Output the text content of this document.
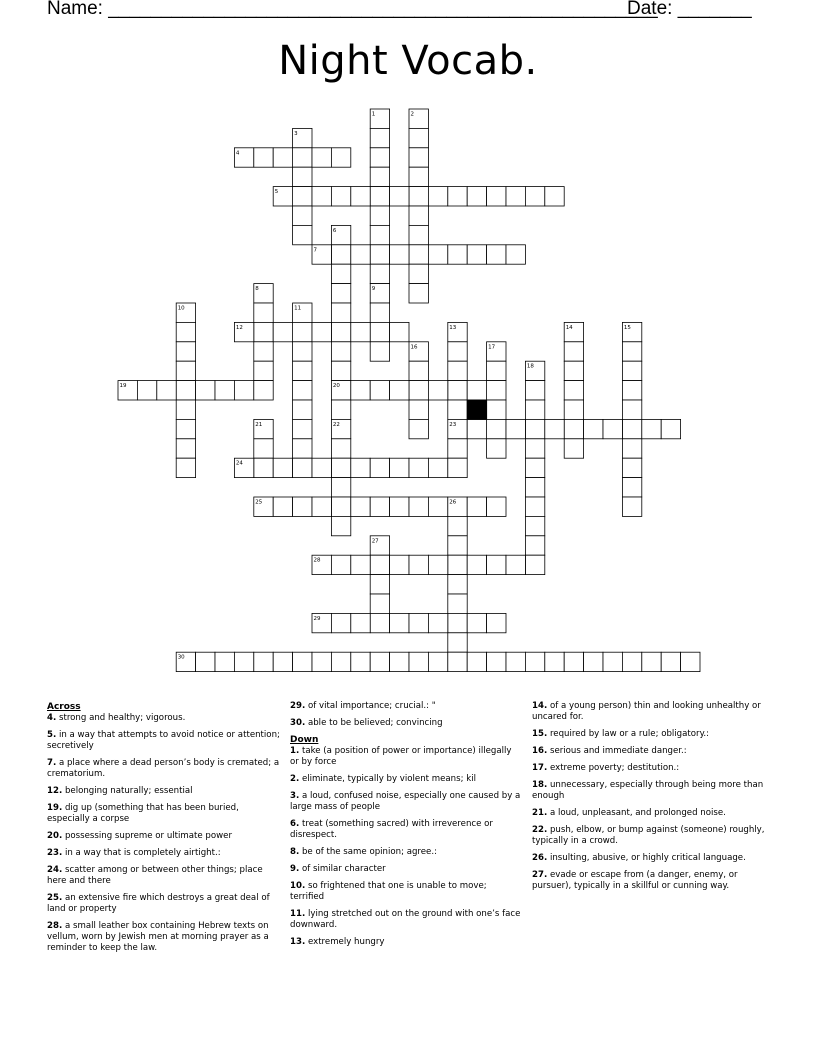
Name: ____________________________________________________
Date: _______
Night Vocab.
1	2
3
4
5
6
7
8	9
10	11
12	13	14	15
16	17
18
19	20
21	22	23
24
25	26
27
28
29
30
Across
4. strong and healthy; vigorous.
5. in a way that attempts to avoid notice or attention; secretively
7. a place where a dead person’s body is cremated; a crematorium.
12. belonging naturally; essential
19. dig up (something that has been buried, especially a corpse
20. possessing supreme or ultimate power
23. in a way that is completely airtight.:
24. scatter among or between other things; place here and there
25. an extensive fire which destroys a great deal of land or property
28. a small leather box containing Hebrew texts on vellum, worn by Jewish men at morning prayer as a reminder to keep the law.
29. of vital importance; crucial.: "
30. able to be believed; convincing
Down
1. take (a position of power or importance) illegally or by force
2. eliminate, typically by violent means; kil
3. a loud, confused noise, especially one caused by a large mass of people
6. treat (something sacred) with irreverence or disrespect.
8. be of the same opinion; agree.:
9. of similar character
10. so frightened that one is unable to move; terrified
11. lying stretched out on the ground with one’s face downward.
13. extremely hungry
14. of a young person) thin and looking unhealthy or uncared for.
15. required by law or a rule; obligatory.:
16. serious and immediate danger.:
17. extreme poverty; destitution.:
18. unnecessary, especially through being more than enough
21. a loud, unpleasant, and prolonged noise.
22. push, elbow, or bump against (someone) roughly, typically in a crowd.
26. insulting, abusive, or highly critical language.
27. evade or escape from (a danger, enemy, or pursuer), typically in a skillful or cunning way.
